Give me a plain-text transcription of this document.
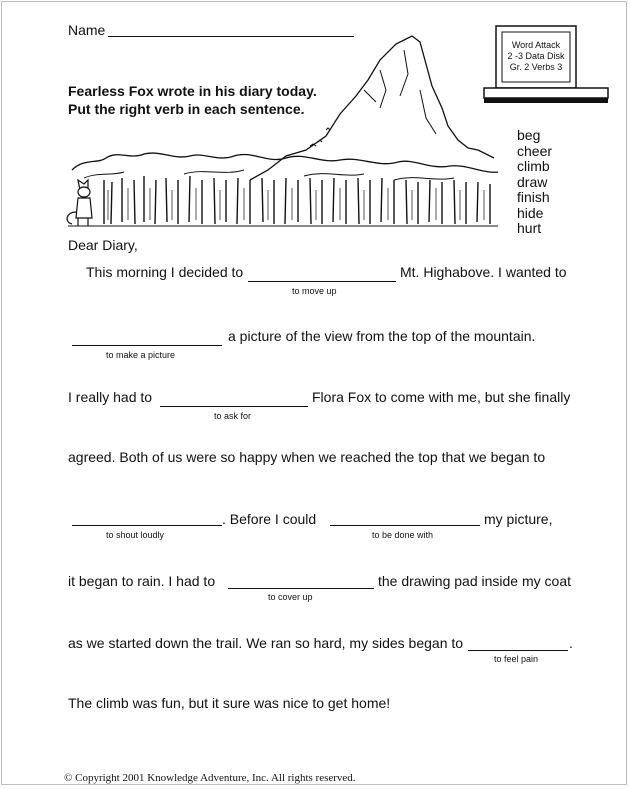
Name
Fearless Fox wrote in his diary today.
Put the right verb in each sentence.
Word Attack
2 -3 Data Disk
Gr. 2 Verbs 3
beg
cheer
climb
draw
finish
hide
hurt
Dear Diary,
This morning I decided to	Mt. Highabove. I wanted to
to move up
a picture of the view from the top of the mountain.
to make a picture
I really had to	Flora Fox to come with me, but she finally
to ask for
agreed. Both of us were so happy when we reached the top that we began to
. Before I could	my picture,
to shout loudly	to be done with
it began to rain. I had to	the drawing pad inside my coat
to cover up
as we started down the trail. We ran so hard, my sides began to	.
to feel pain
The climb was fun, but it sure was nice to get home!
© Copyright 2001 Knowledge Adventure, Inc. All rights reserved.
